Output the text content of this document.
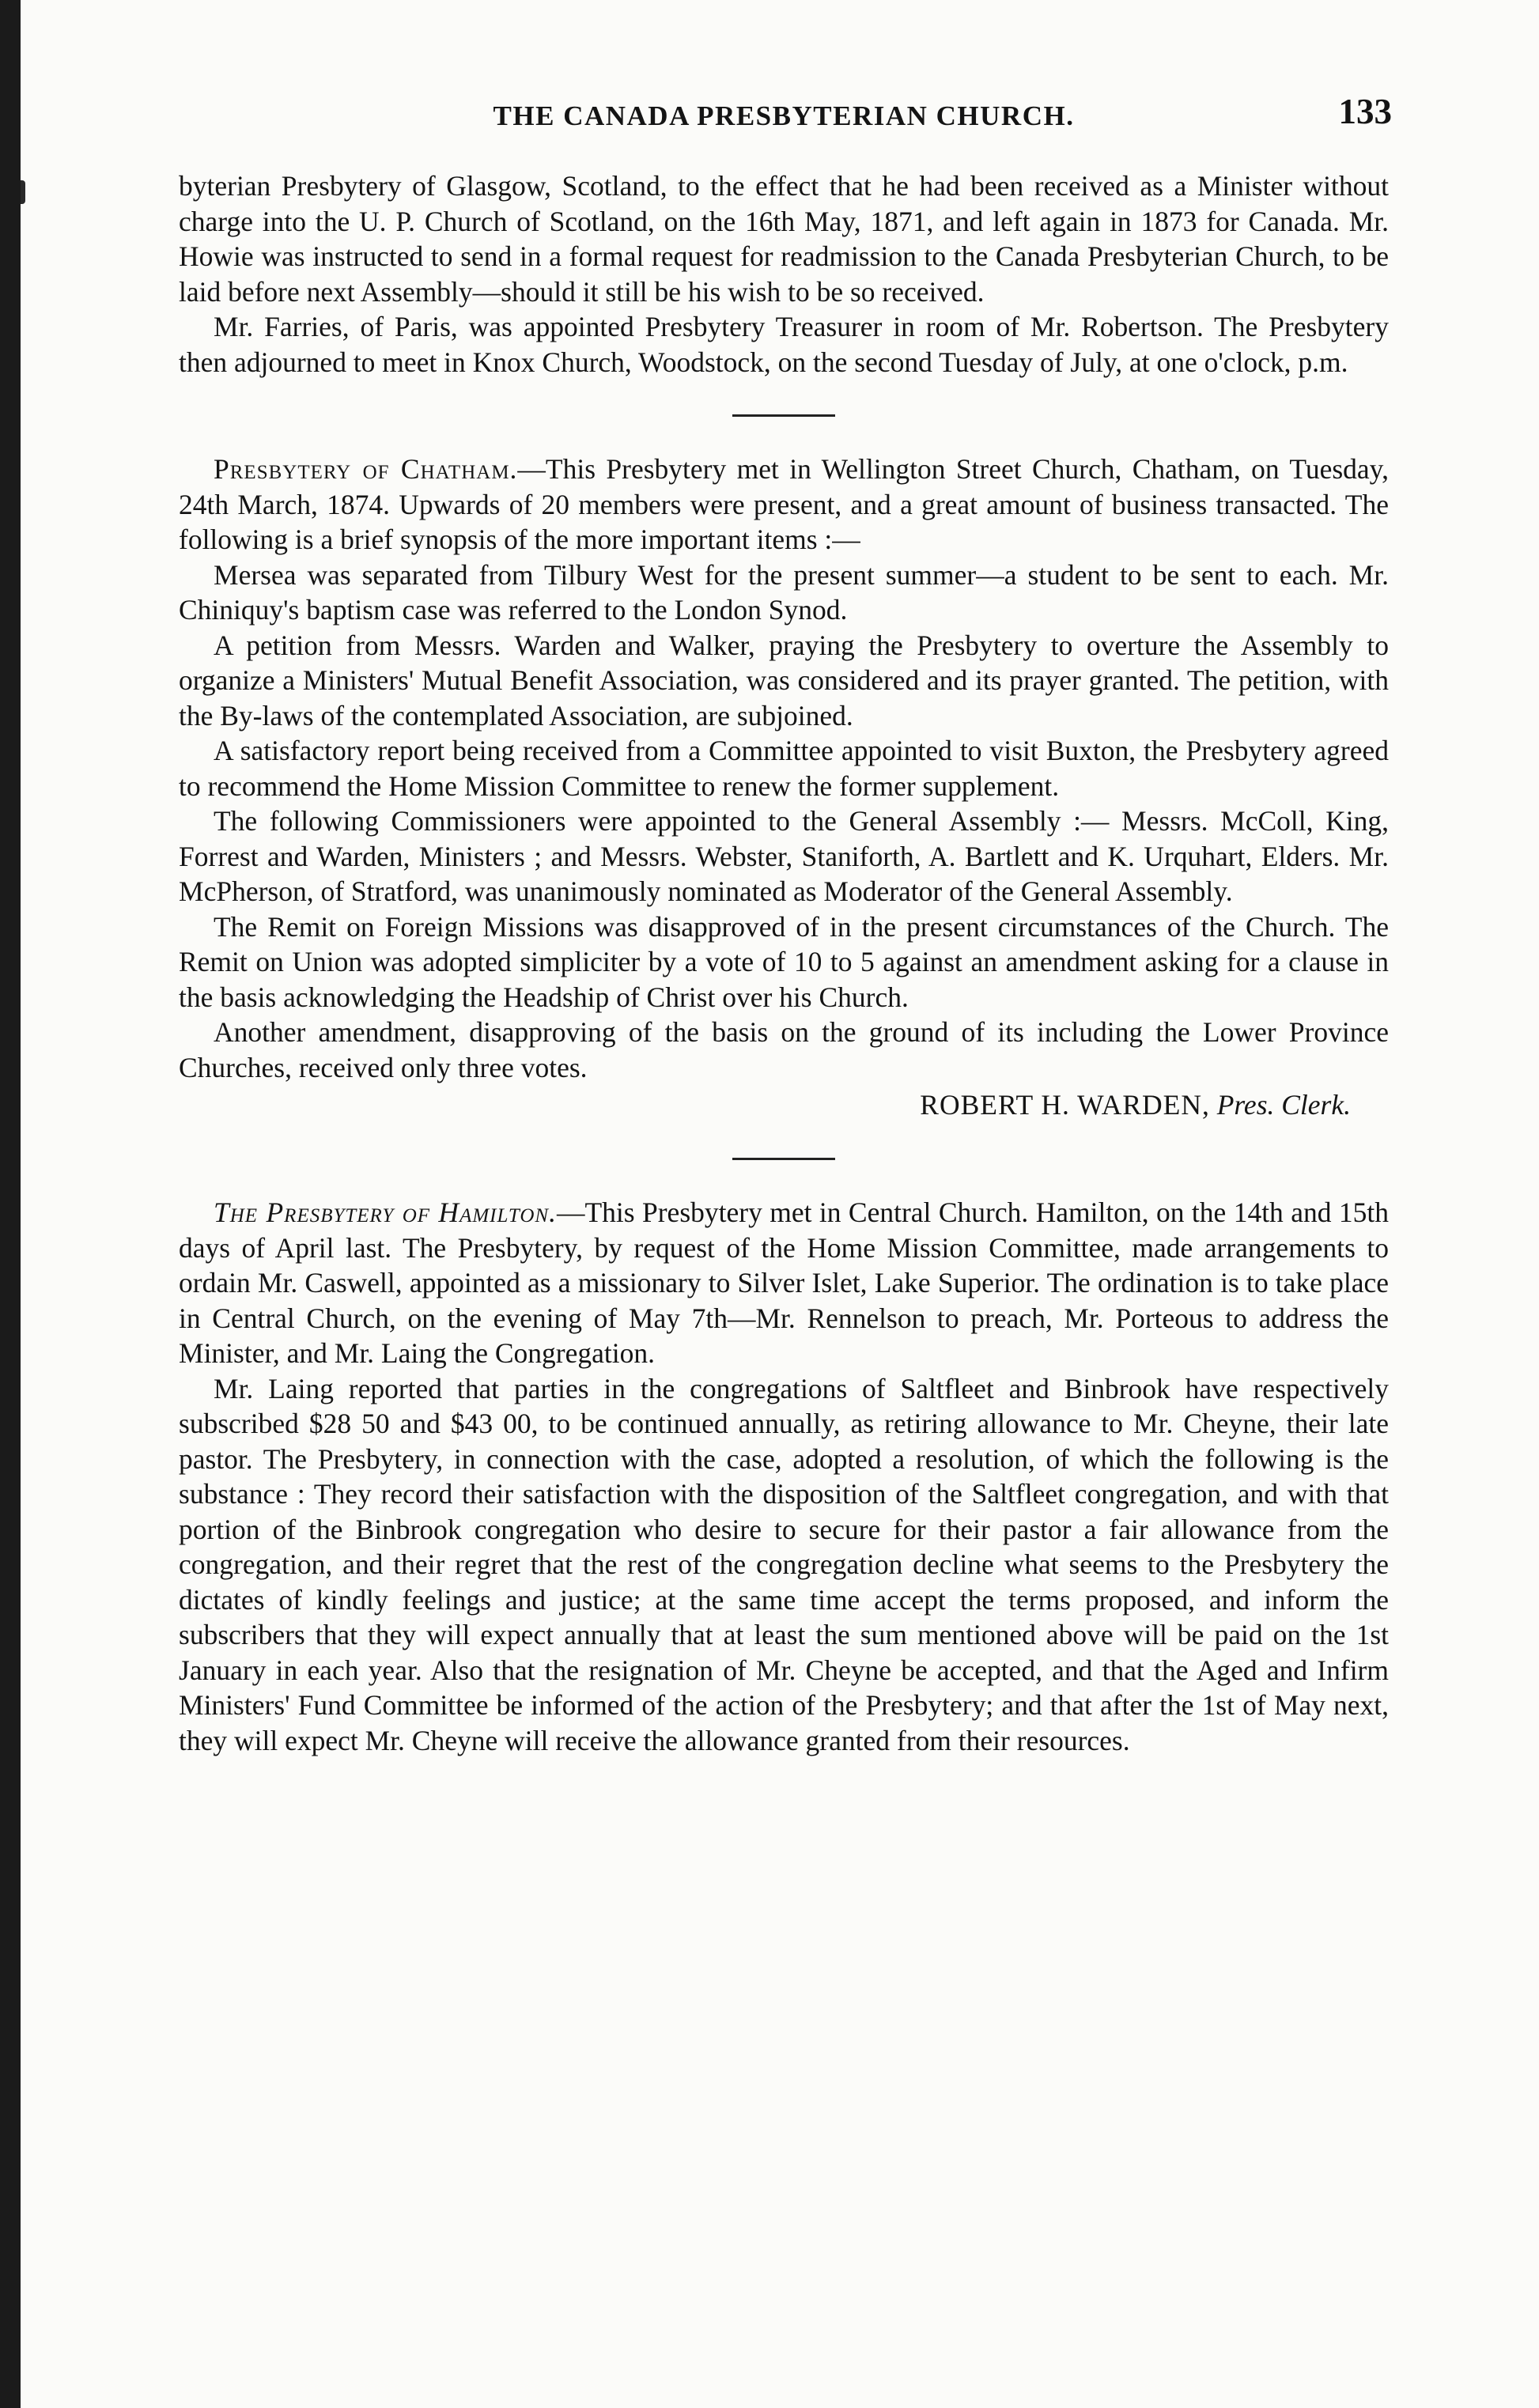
THE CANADA PRESBYTERIAN CHURCH.	133

byterian Presbytery of Glasgow, Scotland, to the effect that he had been received as a Minister without charge into the U. P. Church of Scotland, on the 16th May, 1871, and left again in 1873 for Canada. Mr. Howie was instructed to send in a formal request for readmission to the Canada Presbyterian Church, to be laid before next Assembly—should it still be his wish to be so received.

Mr. Farries, of Paris, was appointed Presbytery Treasurer in room of Mr. Robertson. The Presbytery then adjourned to meet in Knox Church, Woodstock, on the second Tuesday of July, at one o'clock, p.m.

Presbytery of Chatham.—This Presbytery met in Wellington Street Church, Chatham, on Tuesday, 24th March, 1874. Upwards of 20 members were present, and a great amount of business transacted. The following is a brief synopsis of the more important items :—

Mersea was separated from Tilbury West for the present summer—a student to be sent to each. Mr. Chiniquy's baptism case was referred to the London Synod.

A petition from Messrs. Warden and Walker, praying the Presbytery to overture the Assembly to organize a Ministers' Mutual Benefit Association, was considered and its prayer granted. The petition, with the By-laws of the contemplated Association, are subjoined.

A satisfactory report being received from a Committee appointed to visit Buxton, the Presbytery agreed to recommend the Home Mission Committee to renew the former supplement.

The following Commissioners were appointed to the General Assembly :— Messrs. McColl, King, Forrest and Warden, Ministers ; and Messrs. Webster, Staniforth, A. Bartlett and K. Urquhart, Elders. Mr. McPherson, of Stratford, was unanimously nominated as Moderator of the General Assembly.

The Remit on Foreign Missions was disapproved of in the present circumstances of the Church. The Remit on Union was adopted simpliciter by a vote of 10 to 5 against an amendment asking for a clause in the basis acknowledging the Headship of Christ over his Church.

Another amendment, disapproving of the basis on the ground of its including the Lower Province Churches, received only three votes.

ROBERT H. WARDEN, Pres. Clerk.

The Presbytery of Hamilton.—This Presbytery met in Central Church. Hamilton, on the 14th and 15th days of April last. The Presbytery, by request of the Home Mission Committee, made arrangements to ordain Mr. Caswell, appointed as a missionary to Silver Islet, Lake Superior. The ordination is to take place in Central Church, on the evening of May 7th—Mr. Rennelson to preach, Mr. Porteous to address the Minister, and Mr. Laing the Congregation.

Mr. Laing reported that parties in the congregations of Saltfleet and Binbrook have respectively subscribed $28 50 and $43 00, to be continued annually, as retiring allowance to Mr. Cheyne, their late pastor. The Presbytery, in connection with the case, adopted a resolution, of which the following is the substance : They record their satisfaction with the disposition of the Saltfleet congregation, and with that portion of the Binbrook congregation who desire to secure for their pastor a fair allowance from the congregation, and their regret that the rest of the congregation decline what seems to the Presbytery the dictates of kindly feelings and justice; at the same time accept the terms proposed, and inform the subscribers that they will expect annually that at least the sum mentioned above will be paid on the 1st January in each year. Also that the resignation of Mr. Cheyne be accepted, and that the Aged and Infirm Ministers' Fund Committee be informed of the action of the Presbytery; and that after the 1st of May next, they will expect Mr. Cheyne will receive the allowance granted from their resources.
